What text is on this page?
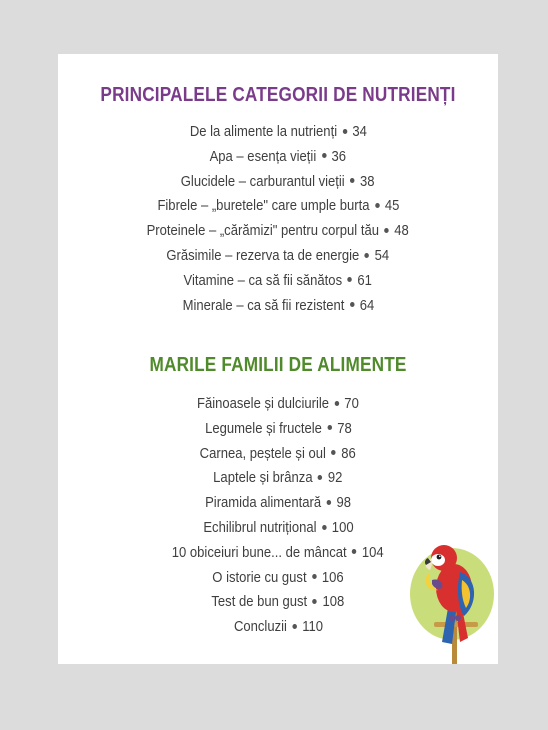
PRINCIPALELE CATEGORII DE NUTRIENȚI
De la alimente la nutrienți 34
Apa – esența vieții 36
Glucidele – carburantul vieții 38
Fibrele – „buretele" care umple burta 45
Proteinele – „cărămizi" pentru corpul tău 48
Grăsimile – rezerva ta de energie 54
Vitamine – ca să fii sănătos 61
Minerale – ca să fii rezistent 64
MARILE FAMILII DE ALIMENTE
Făinoasele și dulciurile 70
Legumele și fructele 78
Carnea, peștele și oul 86
Laptele și brânza 92
Piramida alimentară 98
Echilibrul nutrițional 100
10 obiceiuri bune... de mâncat 104
O istorie cu gust 106
Test de bun gust 108
Concluzii 110
